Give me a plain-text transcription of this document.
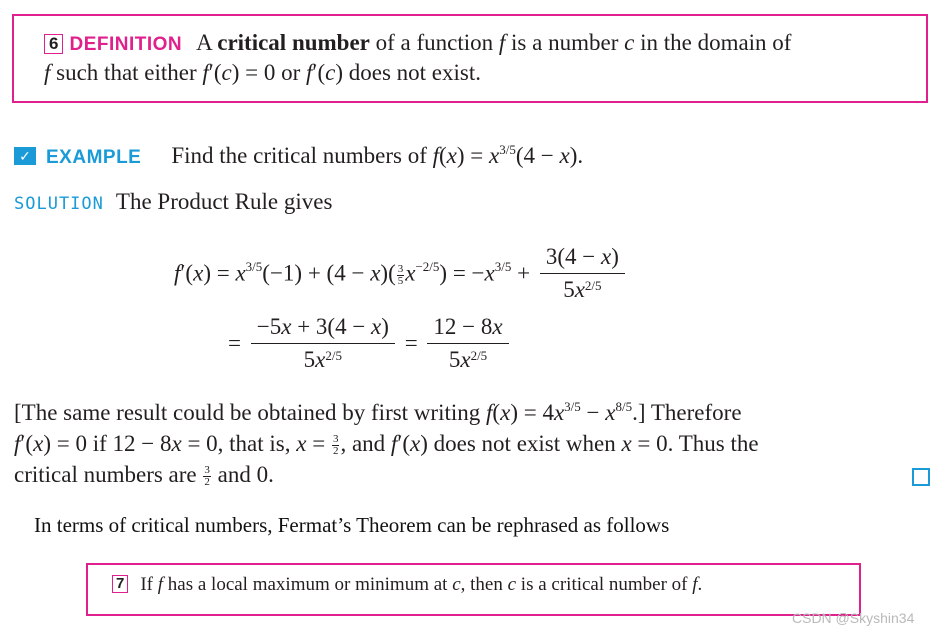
6 DEFINITION A critical number of a function f is a number c in the domain of
f such that either f′(c) = 0 or f′(c) does not exist.
✓ EXAMPLE Find the critical numbers of $f(x) = x^{3/5}(4 - x)$.
SOLUTION The Product Rule gives
$f'(x) = x^{3/5}(-1) + (4 - x)( \frac{3}{5} x^{-2/5}) = -x^{3/5} + \frac{3(4 - x)}{5x^{2/5}}$
= $\frac{-5x + 3(4 - x)}{5x^{2/5}} = \frac{12 - 8x}{5x^{2/5}}$
[The same result could be obtained by first writing $f(x) = 4x^{3/5} - x^{8/5}$.] Therefore
f′(x) = 0 if 12 − 8x = 0, that is, $x = \frac{3}{2}$ , and f′(x) does not exist when x = 0. Thus the
critical numbers are $\frac{3}{2}$ and 0.
In terms of critical numbers, Fermat’s Theorem can be rephrased as follows
7 If f has a local maximum or minimum at c, then c is a critical number of f.
CSDN @Skyshin34
